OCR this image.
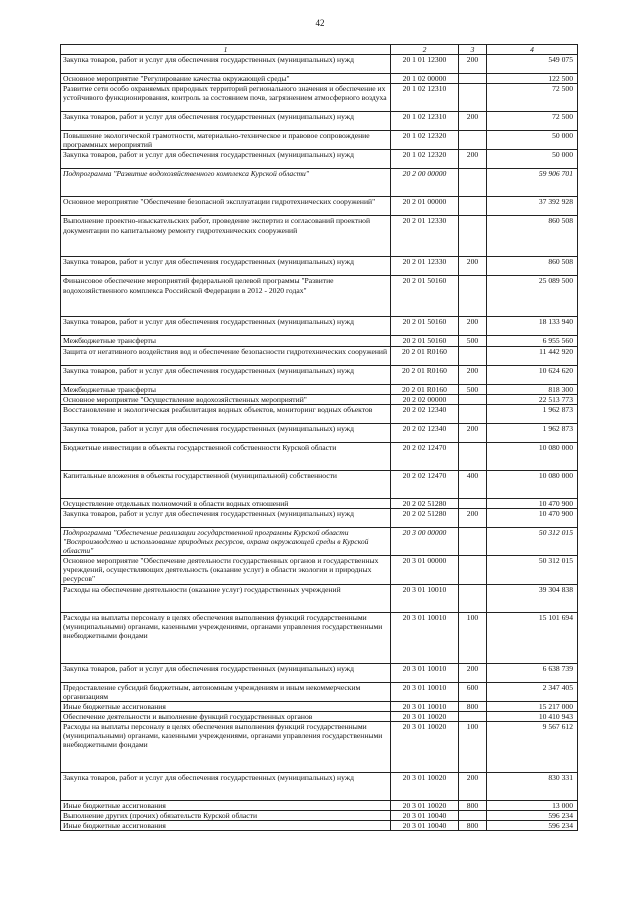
42
1	2	3	4
Закупка товаров, работ и услуг для обеспечения государственных (муниципальных) нужд	20 1 01 12300	200	549 075
Основное мероприятие "Регулирование качества окружающей среды"	20 1 02 00000		122 500
Развитие сети особо охраняемых природных территорий регионального значения и обеспечение их устойчивого функционирования, контроль за состоянием почв, загрязнением атмосферного воздуха	20 1 02 12310		72 500
Закупка товаров, работ и услуг для обеспечения государственных (муниципальных) нужд	20 1 02 12310	200	72 500
Повышение экологической грамотности, материально-техническое и правовое сопровождение программных мероприятий	20 1 02 12320		50 000
Закупка товаров, работ и услуг для обеспечения государственных (муниципальных) нужд	20 1 02 12320	200	50 000
Подпрограмма "Развитие водохозяйственного комплекса Курской области"	20 2 00 00000		59 906 701
Основное мероприятие "Обеспечение безопасной эксплуатации гидротехнических сооружений"	20 2 01 00000		37 392 928
Выполнение проектно-изыскательских работ, проведение экспертиз и согласований проектной документации по капитальному ремонту гидротехнических сооружений	20 2 01 12330		860 508
Закупка товаров, работ и услуг для обеспечения государственных (муниципальных) нужд	20 2 01 12330	200	860 508
Финансовое обеспечение мероприятий федеральной целевой программы "Развитие водохозяйственного комплекса Российской Федерации в 2012 - 2020 годах"	20 2 01 50160		25 089 500
Закупка товаров, работ и услуг для обеспечения государственных (муниципальных) нужд	20 2 01 50160	200	18 133 940
Межбюджетные трансферты	20 2 01 50160	500	6 955 560
Защита от негативного воздействия вод и обеспечение безопасности гидротехнических сооружений	20 2 01 R0160		11 442 920
Закупка товаров, работ и услуг для обеспечения государственных (муниципальных) нужд	20 2 01 R0160	200	10 624 620
Межбюджетные трансферты	20 2 01 R0160	500	818 300
Основное мероприятие "Осуществление водохозяйственных мероприятий"	20 2 02 00000		22 513 773
Восстановление и экологическая реабилитация водных объектов, мониторинг водных объектов	20 2 02 12340		1 962 873
Закупка товаров, работ и услуг для обеспечения государственных (муниципальных) нужд	20 2 02 12340	200	1 962 873
Бюджетные инвестиции в объекты государственной собственности Курской области	20 2 02 12470		10 080 000
Капитальные вложения в объекты государственной (муниципальной) собственности	20 2 02 12470	400	10 080 000
Осуществление отдельных полномочий в области водных отношений	20 2 02 51280		10 470 900
Закупка товаров, работ и услуг для обеспечения государственных (муниципальных) нужд	20 2 02 51280	200	10 470 900
Подпрограмма "Обеспечение реализации государственной программы Курской области "Воспроизводство и использование природных ресурсов, охрана окружающей среды в Курской области"	20 3 00 00000		50 312 015
Основное мероприятие "Обеспечение деятельности государственных органов и государственных учреждений, осуществляющих деятельность (оказание услуг) в области экологии и природных ресурсов"	20 3 01 00000		50 312 015
Расходы на обеспечение деятельности (оказание услуг) государственных учреждений	20 3 01 10010		39 304 838
Расходы на выплаты персоналу в целях обеспечения выполнения функций государственными (муниципальными) органами, казенными учреждениями, органами управления государственными внебюджетными фондами	20 3 01 10010	100	15 101 694
Закупка товаров, работ и услуг для обеспечения государственных (муниципальных) нужд	20 3 01 10010	200	6 638 739
Предоставление субсидий бюджетным, автономным учреждениям и иным некоммерческим организациям	20 3 01 10010	600	2 347 405
Иные бюджетные ассигнования	20 3 01 10010	800	15 217 000
Обеспечение деятельности и выполнение функций государственных органов	20 3 01 10020		10 410 943
Расходы на выплаты персоналу в целях обеспечения выполнения функций государственными (муниципальными) органами, казенными учреждениями, органами управления государственными внебюджетными фондами	20 3 01 10020	100	9 567 612
Закупка товаров, работ и услуг для обеспечения государственных (муниципальных) нужд	20 3 01 10020	200	830 331
Иные бюджетные ассигнования	20 3 01 10020	800	13 000
Выполнение других (прочих) обязательств Курской области	20 3 01 10040		596 234
Иные бюджетные ассигнования	20 3 01 10040	800	596 234
